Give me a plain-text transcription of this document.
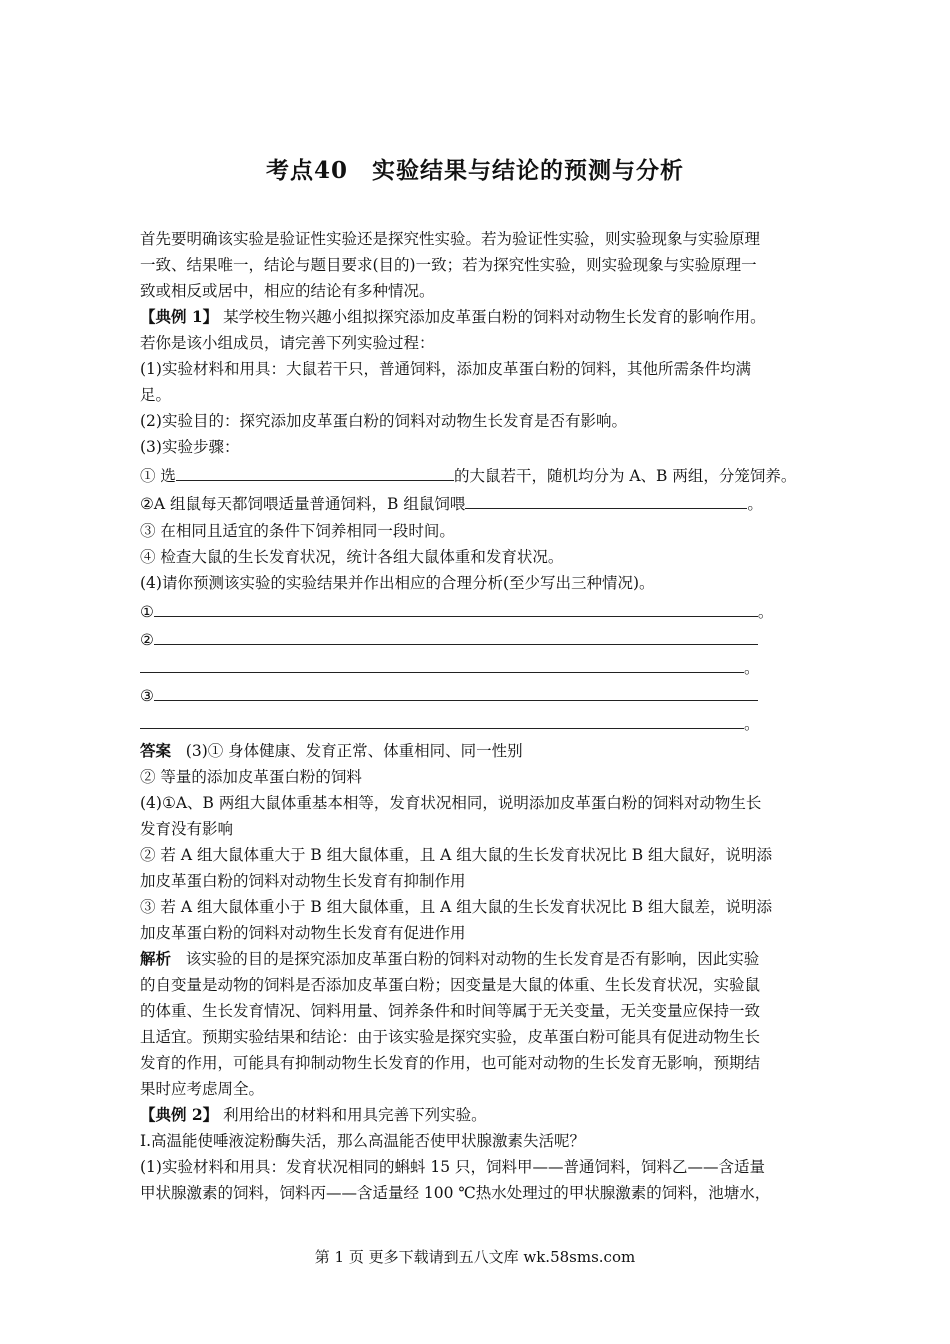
考点40　实验结果与结论的预测与分析
首先要明确该实验是验证性实验还是探究性实验。若为验证性实验，则实验现象与实验原理
一致、结果唯一，结论与题目要求(目的)一致；若为探究性实验，则实验现象与实验原理一
致或相反或居中，相应的结论有多种情况。
【典例 1】 某学校生物兴趣小组拟探究添加皮革蛋白粉的饲料对动物生长发育的影响作用。
若你是该小组成员，请完善下列实验过程：
(1)实验材料和用具：大鼠若干只，普通饲料，添加皮革蛋白粉的饲料，其他所需条件均满
足。
(2)实验目的：探究添加皮革蛋白粉的饲料对动物生长发育是否有影响。
(3)实验步骤：
① 选	的大鼠若干，随机均分为 A、B 两组，分笼饲养。
②A 组鼠每天都饲喂适量普通饲料，B 组鼠饲喂	。
③ 在相同且适宜的条件下饲养相同一段时间。
④ 检查大鼠的生长发育状况，统计各组大鼠体重和发育状况。
(4)请你预测该实验的实验结果并作出相应的合理分析(至少写出三种情况)。
①	。
②
。
③
。
答案 (3)① 身体健康、发育正常、体重相同、同一性别
② 等量的添加皮革蛋白粉的饲料
(4)①A、B 两组大鼠体重基本相等，发育状况相同，说明添加皮革蛋白粉的饲料对动物生长
发育没有影响
② 若 A 组大鼠体重大于 B 组大鼠体重，且 A 组大鼠的生长发育状况比 B 组大鼠好，说明添
加皮革蛋白粉的饲料对动物生长发育有抑制作用
③ 若 A 组大鼠体重小于 B 组大鼠体重，且 A 组大鼠的生长发育状况比 B 组大鼠差，说明添
加皮革蛋白粉的饲料对动物生长发育有促进作用
解析 该实验的目的是探究添加皮革蛋白粉的饲料对动物的生长发育是否有影响，因此实验
的自变量是动物的饲料是否添加皮革蛋白粉；因变量是大鼠的体重、生长发育状况，实验鼠
的体重、生长发育情况、饲料用量、饲养条件和时间等属于无关变量，无关变量应保持一致
且适宜。预期实验结果和结论：由于该实验是探究实验，皮革蛋白粉可能具有促进动物生长
发育的作用，可能具有抑制动物生长发育的作用，也可能对动物的生长发育无影响，预期结
果时应考虑周全。
【典例 2】 利用给出的材料和用具完善下列实验。
Ⅰ.高温能使唾液淀粉酶失活，那么高温能否使甲状腺激素失活呢？
(1)实验材料和用具：发育状况相同的蝌蚪 15 只，饲料甲——普通饲料，饲料乙——含适量
甲状腺激素的饲料，饲料丙——含适量经 100 ℃热水处理过的甲状腺激素的饲料，池塘水，
第 1 页 更多下载请到五八文库 wk.58sms.com
